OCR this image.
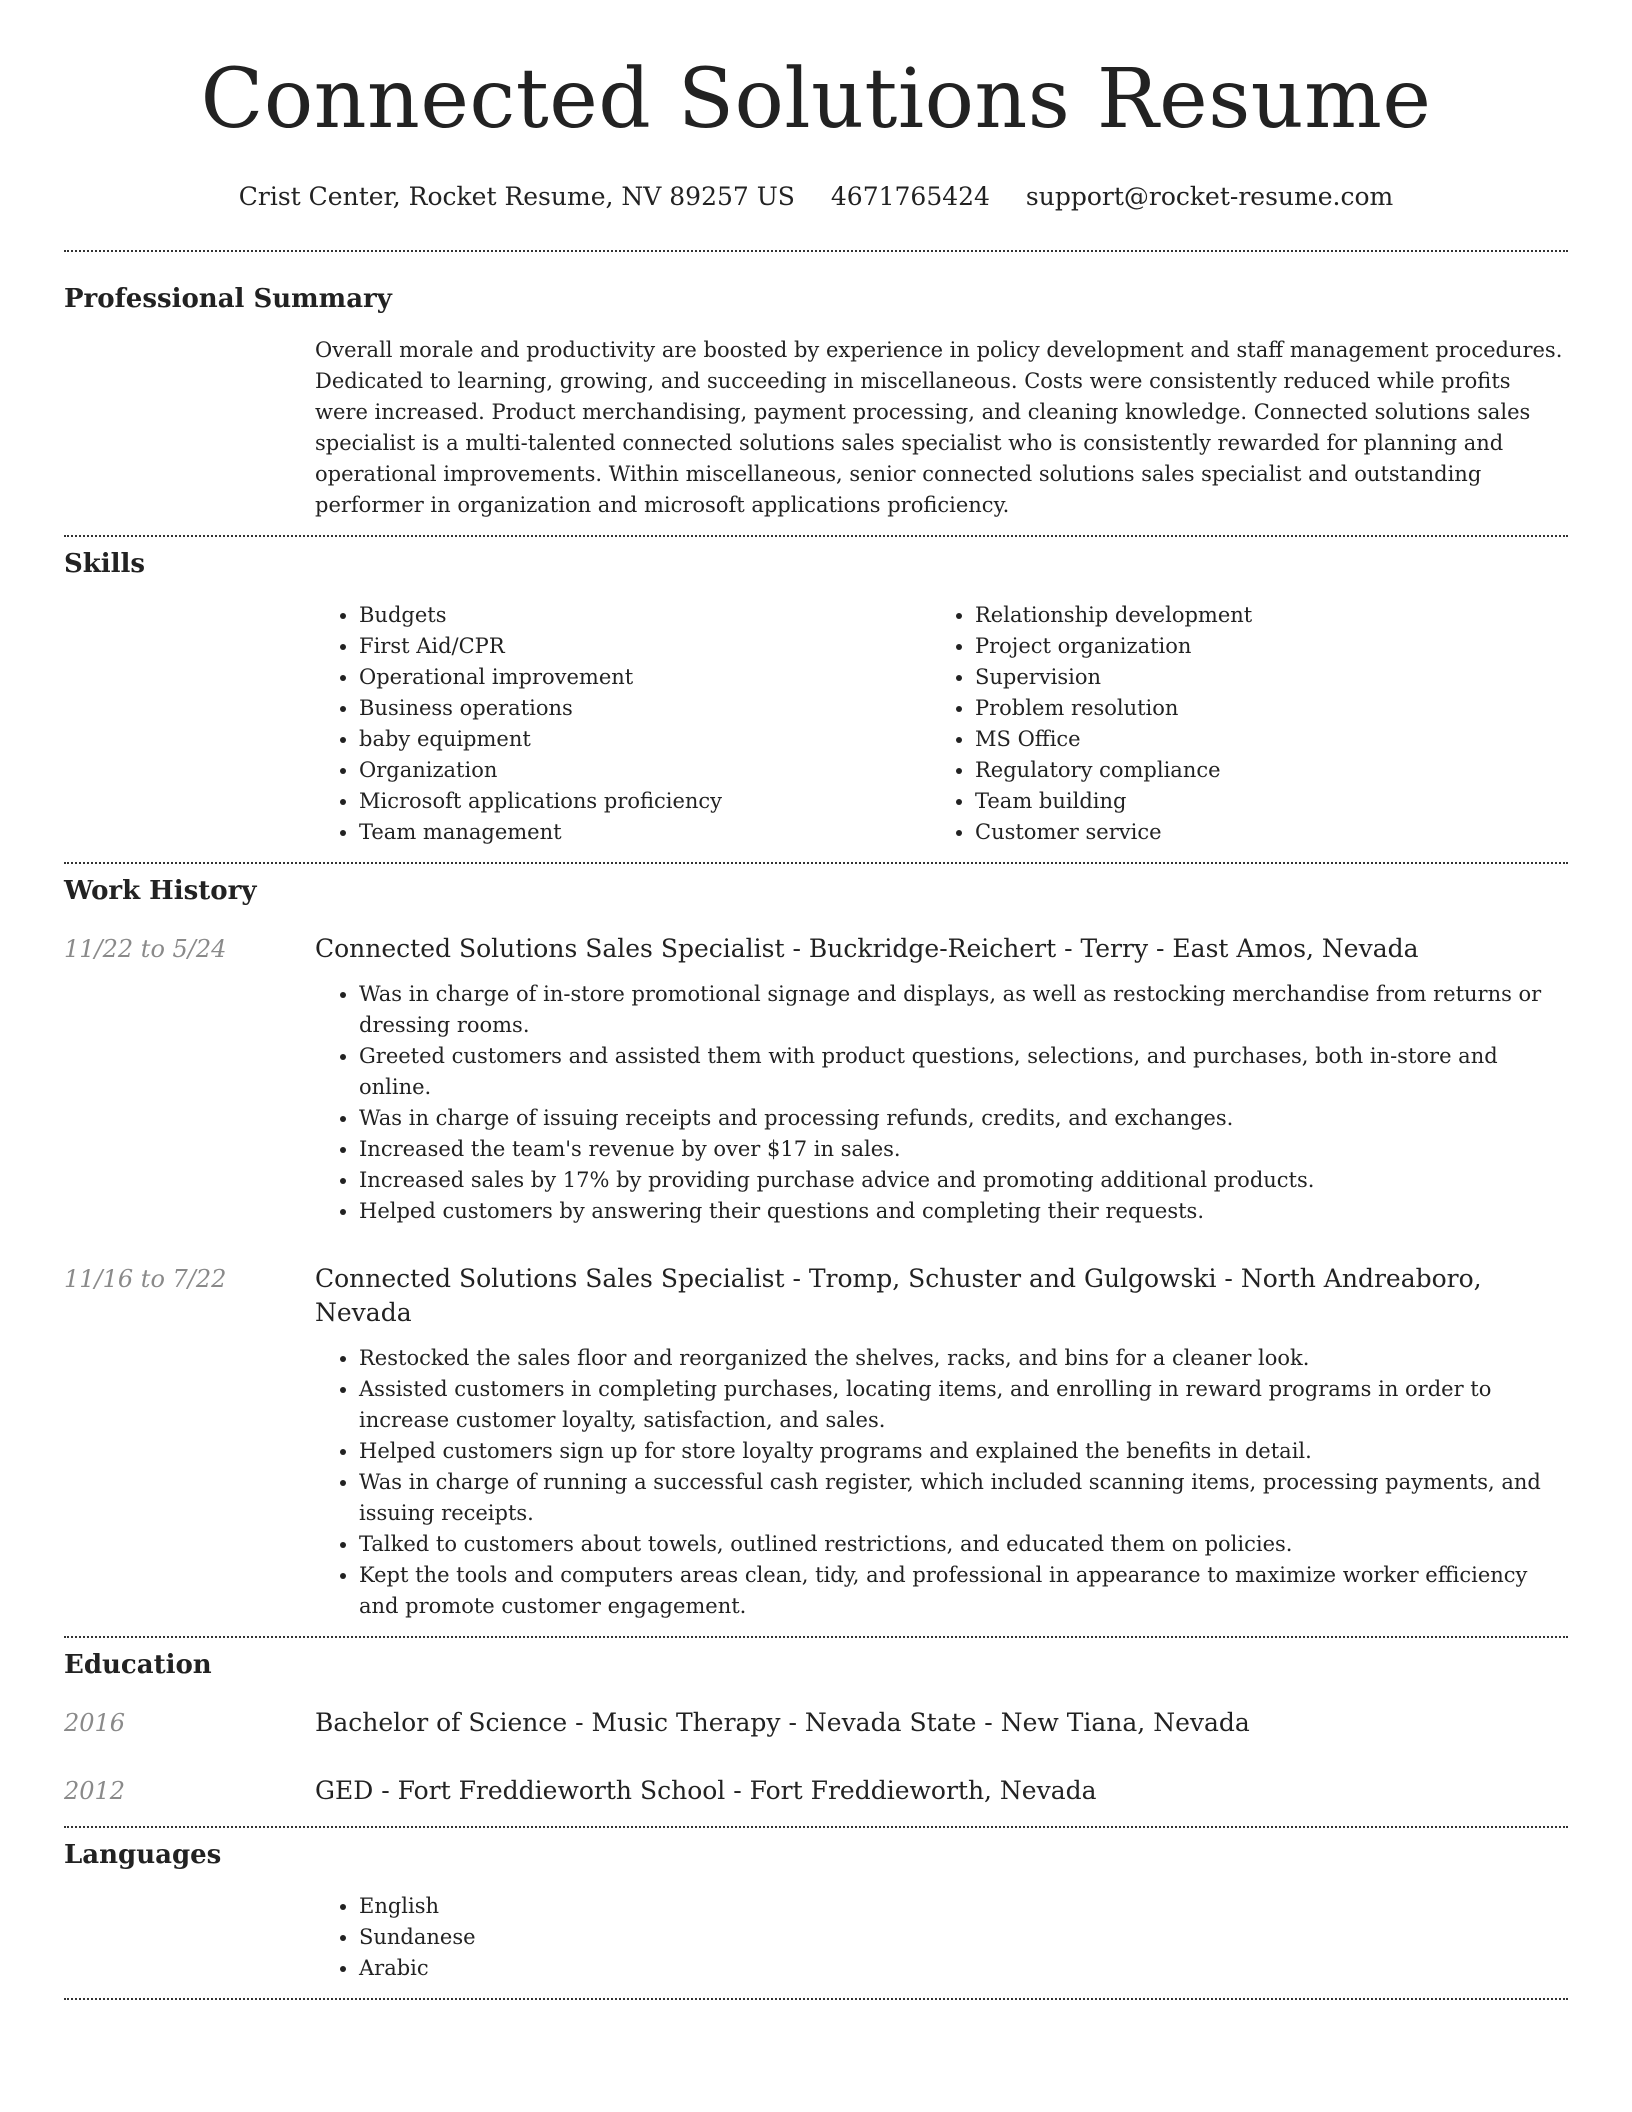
Connected Solutions Resume
Crist Center, Rocket Resume, NV 89257 US 4671765424 support@rocket-resume.com
Professional Summary

Overall morale and productivity are boosted by experience in policy development and staff management procedures. Dedicated to learning, growing, and succeeding in miscellaneous. Costs were consistently reduced while profits were increased. Product merchandising, payment processing, and cleaning knowledge. Connected solutions sales specialist is a multi-talented connected solutions sales specialist who is consistently rewarded for planning and operational improvements. Within miscellaneous, senior connected solutions sales specialist and outstanding performer in organization and microsoft applications proficiency.

Skills
• Budgets
• First Aid/CPR
• Operational improvement
• Business operations
• baby equipment
• Organization
• Microsoft applications proficiency
• Team management
• Relationship development
• Project organization
• Supervision
• Problem resolution
• MS Office
• Regulatory compliance
• Team building
• Customer service
Work History
11/22 to 5/24	Connected Solutions Sales Specialist - Buckridge-Reichert - Terry - East Amos, Nevada
• Was in charge of in-store promotional signage and displays, as well as restocking merchandise from returns or dressing rooms.
• Greeted customers and assisted them with product questions, selections, and purchases, both in-store and online.
• Was in charge of issuing receipts and processing refunds, credits, and exchanges.
• Increased the team's revenue by over $17 in sales.
• Increased sales by 17% by providing purchase advice and promoting additional products.
• Helped customers by answering their questions and completing their requests.
11/16 to 7/22	Connected Solutions Sales Specialist - Tromp, Schuster and Gulgowski - North Andreaboro, Nevada
• Restocked the sales floor and reorganized the shelves, racks, and bins for a cleaner look.
• Assisted customers in completing purchases, locating items, and enrolling in reward programs in order to increase customer loyalty, satisfaction, and sales.
• Helped customers sign up for store loyalty programs and explained the benefits in detail.
• Was in charge of running a successful cash register, which included scanning items, processing payments, and issuing receipts.
• Talked to customers about towels, outlined restrictions, and educated them on policies.
• Kept the tools and computers areas clean, tidy, and professional in appearance to maximize worker efficiency and promote customer engagement.
Education
2016	Bachelor of Science - Music Therapy - Nevada State - New Tiana, Nevada
2012	GED - Fort Freddieworth School - Fort Freddieworth, Nevada
Languages
• English
• Sundanese
• Arabic
